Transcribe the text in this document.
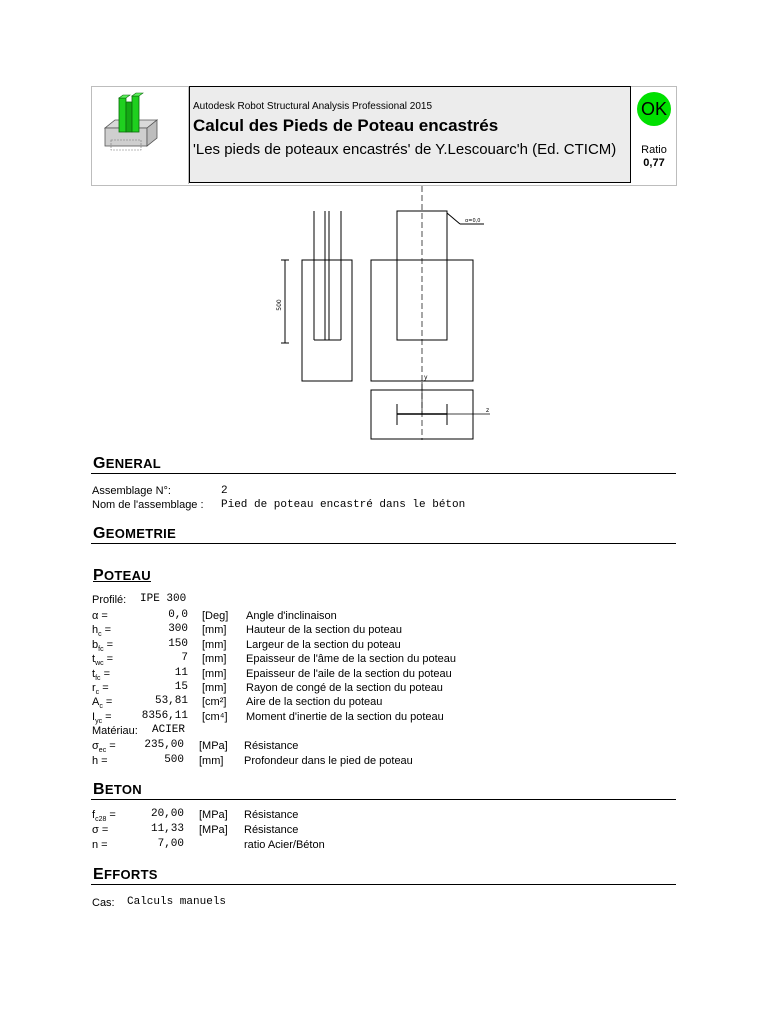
Autodesk Robot Structural Analysis Professional 2015
Calcul des Pieds de Poteau encastrés
'Les pieds de poteaux encastrés' de Y.Lescouarc'h (Ed. CTICM)
OK
Ratio
0,77
500
α=0,0
y
z
GENERAL
Assemblage N°:	2
Nom de l'assemblage : Pied de poteau encastré dans le béton
GEOMETRIE
POTEAU
Profilé: IPE 300
α =	0,0 [Deg] Angle d'inclinaison
$h_c$ =	300 [mm] Hauteur de la section du poteau
$b_{fc}$ =	150 [mm] Largeur de la section du poteau
$t_{wc}$ =	7 [mm] Epaisseur de l'âme de la section du poteau
$t_{fc}$ =	11 [mm] Epaisseur de l'aile de la section du poteau
$r_c$ =	15 [mm] Rayon de congé de la section du poteau
$A_c$ =	53,81 [cm²] Aire de la section du poteau
$I_{yc}$ =	8356,11 [cm⁴] Moment d'inertie de la section du poteau
Matériau: ACIER
$\sigma_{ec}$ =	235,00 [MPa] Résistance
h =	500 [mm] Profondeur dans le pied de poteau
BETON
$f_{c28}$ =	20,00 [MPa] Résistance
σ =	11,33 [MPa] Résistance
n =	7,00	ratio Acier/Béton
EFFORTS
Cas: Calculs manuels
